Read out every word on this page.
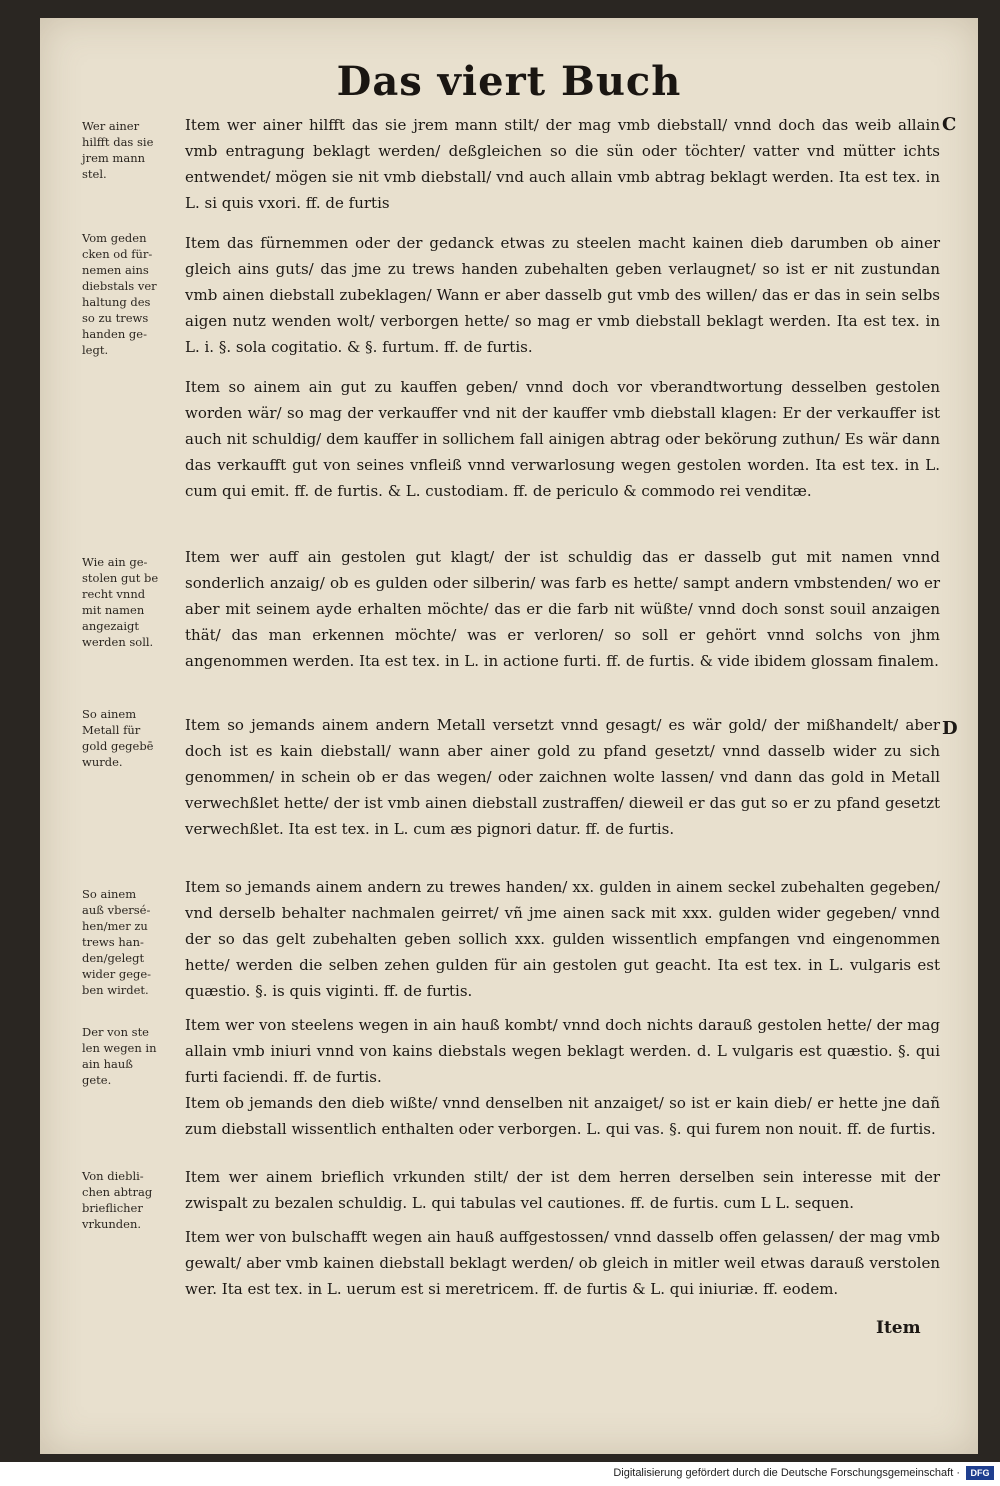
Das viert Buch
C
D
Wer ainer
hilfft das sie
jrem mann
stel.
Vom geden
cken od für-
nemen ains
diebstals ver
haltung des
so zu trews
handen ge-
legt.
Wie ain ge-
stolen gut be
recht vnnd
mit namen
angezaigt
werden soll.
So ainem
Metall für
gold gegebē
wurde.
So ainem
auß vbersé-
hen/mer zu
trews han-
den/gelegt
wider gege-
ben wirdet.
Der von ste
len wegen in
ain hauß
gete.
Von diebli-
chen abtrag
brieflicher
vrkunden.
Item wer ainer hilfft das sie jrem mann stilt/ der mag vmb diebstall/ vnnd doch das weib allain vmb entragung beklagt werden/ deßgleichen so die sün oder töchter/ vatter vnd mütter ichts entwendet/ mögen sie nit vmb diebstall/ vnd auch allain vmb abtrag beklagt werden. Ita est tex. in L. si quis vxori. ff. de furtis
Item das fürnemmen oder der gedanck etwas zu steelen macht kainen dieb darumben ob ainer gleich ains guts/ das jme zu trews handen zubehalten geben verlaugnet/ so ist er nit zustundan vmb ainen diebstall zubeklagen/ Wann er aber dasselb gut vmb des willen/ das er das in sein selbs aigen nutz wenden wolt/ verborgen hette/ so mag er vmb diebstall beklagt werden. Ita est tex. in L. i. §. sola cogitatio. & §. furtum. ff. de furtis.
Item so ainem ain gut zu kauffen geben/ vnnd doch vor vberandtwortung desselben gestolen worden wär/ so mag der verkauffer vnd nit der kauffer vmb diebstall klagen: Er der verkauffer ist auch nit schuldig/ dem kauffer in sollichem fall ainigen abtrag oder bekörung zuthun/ Es wär dann das verkaufft gut von seines vnfleiß vnnd verwarlosung wegen gestolen worden. Ita est tex. in L. cum qui emit. ff. de furtis. & L. custodiam. ff. de periculo & commodo rei venditæ.
Item wer auff ain gestolen gut klagt/ der ist schuldig das er dasselb gut mit namen vnnd sonderlich anzaig/ ob es gulden oder silberin/ was farb es hette/ sampt andern vmbstenden/ wo er aber mit seinem ayde erhalten möchte/ das er die farb nit wüßte/ vnnd doch sonst souil anzaigen thät/ das man erkennen möchte/ was er verloren/ so soll er gehört vnnd solchs von jhm angenommen werden. Ita est tex. in L. in actione furti. ff. de furtis. & vide ibidem glossam finalem.
Item so jemands ainem andern Metall versetzt vnnd gesagt/ es wär gold/ der mißhandelt/ aber doch ist es kain diebstall/ wann aber ainer gold zu pfand gesetzt/ vnnd dasselb wider zu sich genommen/ in schein ob er das wegen/ oder zaichnen wolte lassen/ vnd dann das gold in Metall verwechßlet hette/ der ist vmb ainen diebstall zustraffen/ dieweil er das gut so er zu pfand gesetzt verwechßlet. Ita est tex. in L. cum æs pignori datur. ff. de furtis.
Item so jemands ainem andern zu trewes handen/ xx. gulden in ainem seckel zubehalten gegeben/ vnd derselb behalter nachmalen geirret/ vñ jme ainen sack mit xxx. gulden wider gegeben/ vnnd der so das gelt zubehalten geben sollich xxx. gulden wissentlich empfangen vnd eingenommen hette/ werden die selben zehen gulden für ain gestolen gut geacht. Ita est tex. in L. vulgaris est quæstio. §. is quis viginti. ff. de furtis.
Item wer von steelens wegen in ain hauß kombt/ vnnd doch nichts darauß gestolen hette/ der mag allain vmb iniuri vnnd von kains diebstals wegen beklagt werden. d. L vulgaris est quæstio. §. qui furti faciendi. ff. de furtis.
Item ob jemands den dieb wißte/ vnnd denselben nit anzaiget/ so ist er kain dieb/ er hette jne dañ zum diebstall wissentlich enthalten oder verborgen. L. qui vas. §. qui furem non nouit. ff. de furtis.
Item wer ainem brieflich vrkunden stilt/ der ist dem herren derselben sein interesse mit der zwispalt zu bezalen schuldig. L. qui tabulas vel cautiones. ff. de furtis. cum L L. sequen.
Item wer von bulschafft wegen ain hauß auffgestossen/ vnnd dasselb offen gelassen/ der mag vmb gewalt/ aber vmb kainen diebstall beklagt werden/ ob gleich in mitler weil etwas darauß verstolen wer. Ita est tex. in L. uerum est si meretricem. ff. de furtis & L. qui iniuriæ. ff. eodem.
Item
Digitalisierung gefördert durch die Deutsche Forschungsgemeinschaft ·	DFG
